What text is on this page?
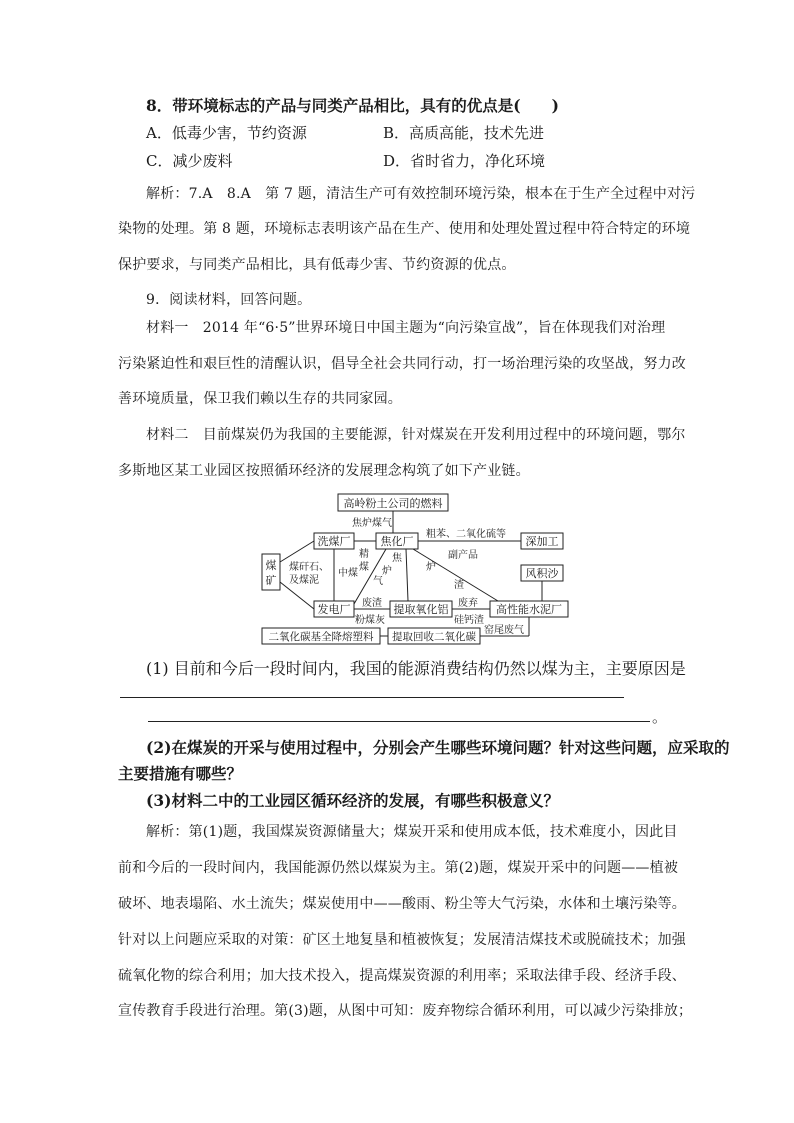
8．带环境标志的产品与同类产品相比，具有的优点是(　　)
A．低毒少害，节约资源	B．高质高能，技术先进
C．减少废料	D．省时省力，净化环境
解析：7.A　8.A　第 7 题，清洁生产可有效控制环境污染，根本在于生产全过程中对污
染物的处理。第 8 题，环境标志表明该产品在生产、使用和处理处置过程中符合特定的环境
保护要求，与同类产品相比，具有低毒少害、节约资源的优点。
9．阅读材料，回答问题。
材料一　2014 年“6·5”世界环境日中国主题为“向污染宣战”，旨在体现我们对治理
污染紧迫性和艰巨性的清醒认识，倡导全社会共同行动，打一场治理污染的攻坚战，努力改
善环境质量，保卫我们赖以生存的共同家园。
材料二　目前煤炭仍为我国的主要能源，针对煤炭在开发利用过程中的环境问题，鄂尔
多斯地区某工业园区按照循环经济的发展理念构筑了如下产业链。
高岭粉土公司的燃料
煤
矿
洗煤厂	焦化厂	深加工
风积沙
发电厂	提取氧化铝	高性能水泥厂
二氧化碳基全降熔塑料 提取回收二氧化碳
焦炉煤气
精
煤
粗苯、二氧化硫等
副产品
煤矸石、
及煤泥
中煤
焦
炉
气
炉
渣
废渣
粉煤灰
废弃
硅钙渣
窑尾废气
(1) 目前和今后一段时间内，我国的能源消费结构仍然以煤为主，主要原因是
。
(2)在煤炭的开采与使用过程中，分别会产生哪些环境问题？针对这些问题，应采取的
主要措施有哪些？
(3)材料二中的工业园区循环经济的发展，有哪些积极意义？
解析：第(1)题，我国煤炭资源储量大；煤炭开采和使用成本低，技术难度小，因此目
前和今后的一段时间内，我国能源仍然以煤炭为主。第(2)题，煤炭开采中的问题——植被
破坏、地表塌陷、水土流失；煤炭使用中——酸雨、粉尘等大气污染，水体和土壤污染等。
针对以上问题应采取的对策：矿区土地复垦和植被恢复；发展清洁煤技术或脱硫技术；加强
硫氧化物的综合利用；加大技术投入，提高煤炭资源的利用率；采取法律手段、经济手段、
宣传教育手段进行治理。第(3)题，从图中可知：废弃物综合循环利用，可以减少污染排放；
